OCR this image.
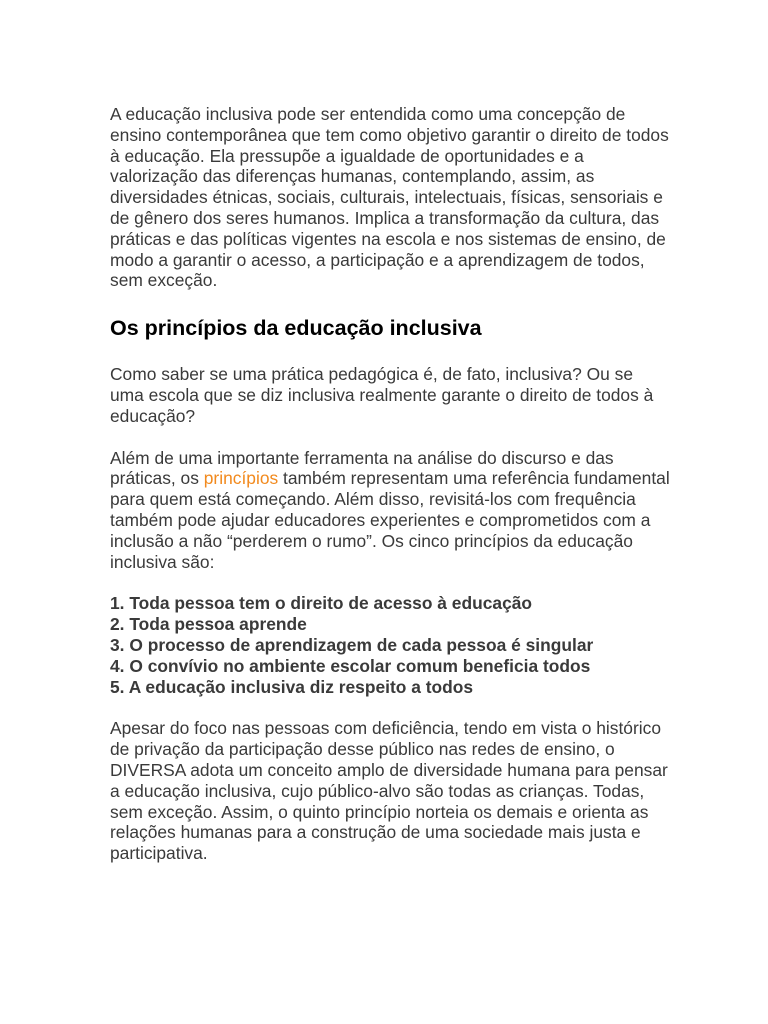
A educação inclusiva pode ser entendida como uma concepção de ensino contemporânea que tem como objetivo garantir o direito de todos à educação. Ela pressupõe a igualdade de oportunidades e a valorização das diferenças humanas, contemplando, assim, as diversidades étnicas, sociais, culturais, intelectuais, físicas, sensoriais e de gênero dos seres humanos. Implica a transformação da cultura, das práticas e das políticas vigentes na escola e nos sistemas de ensino, de modo a garantir o acesso, a participação e a aprendizagem de todos, sem exceção.

Os princípios da educação inclusiva

Como saber se uma prática pedagógica é, de fato, inclusiva? Ou se uma escola que se diz inclusiva realmente garante o direito de todos à educação?

Além de uma importante ferramenta na análise do discurso e das práticas, os princípios também representam uma referência fundamental para quem está começando. Além disso, revisitá-los com frequência também pode ajudar educadores experientes e comprometidos com a inclusão a não “perderem o rumo”. Os cinco princípios da educação inclusiva são:

1. Toda pessoa tem o direito de acesso à educação
2. Toda pessoa aprende
3. O processo de aprendizagem de cada pessoa é singular
4. O convívio no ambiente escolar comum beneficia todos
5. A educação inclusiva diz respeito a todos

Apesar do foco nas pessoas com deficiência, tendo em vista o histórico de privação da participação desse público nas redes de ensino, o DIVERSA adota um conceito amplo de diversidade humana para pensar a educação inclusiva, cujo público-alvo são todas as crianças. Todas, sem exceção. Assim, o quinto princípio norteia os demais e orienta as relações humanas para a construção de uma sociedade mais justa e participativa.
